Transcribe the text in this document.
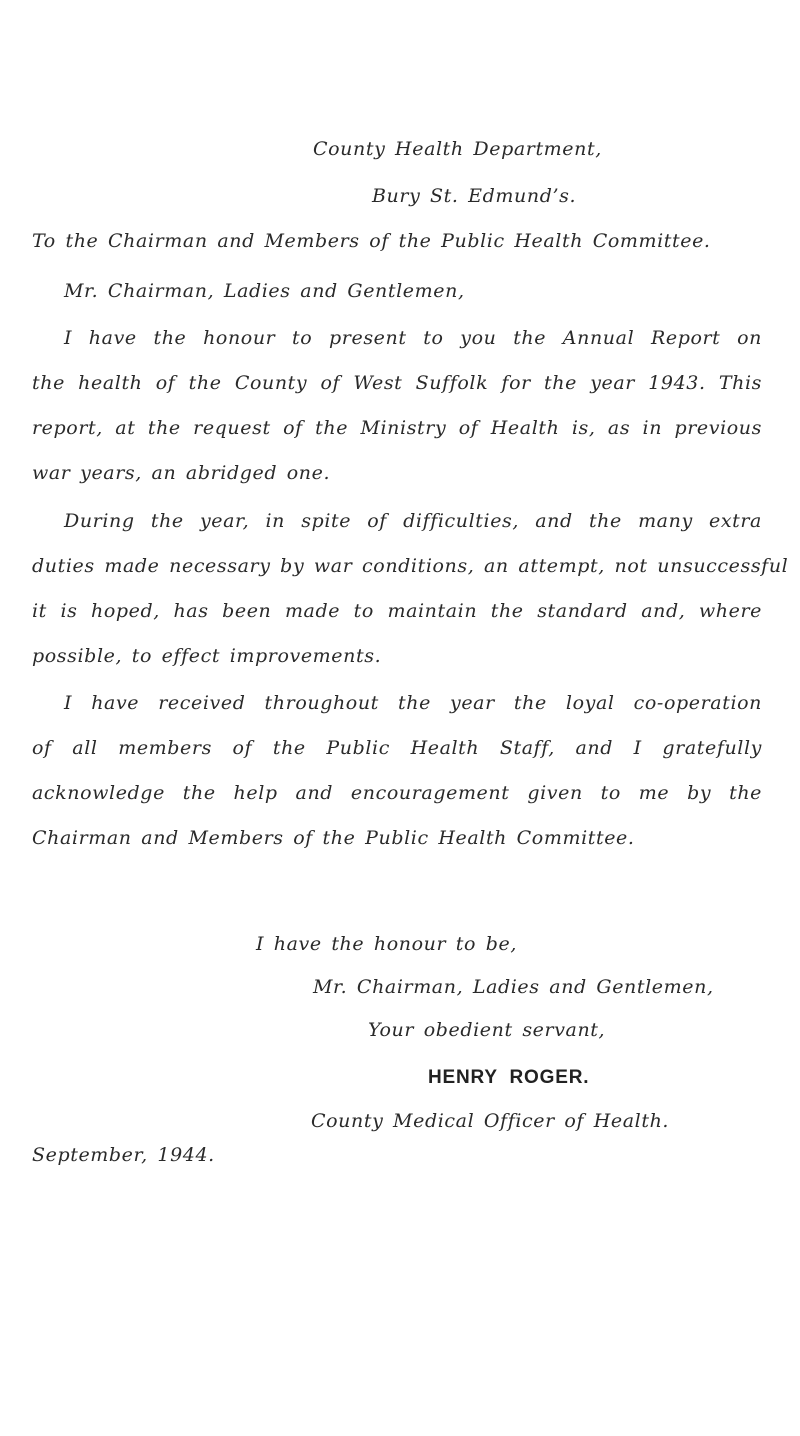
County Health Department,
Bury St. Edmund’s.
To the Chairman and Members of the Public Health Committee.
Mr. Chairman, Ladies and Gentlemen,
I have the honour to present to you the Annual Report on
the health of the County of West Suffolk for the year 1943. This
report, at the request of the Ministry of Health is, as in previous
war years, an abridged one.
During the year, in spite of difficulties, and the many extra
duties made necessary by war conditions, an attempt, not unsuccessful
it is hoped, has been made to maintain the standard and, where
possible, to effect improvements.
I have received throughout the year the loyal co-operation
of all members of the Public Health Staff, and I gratefully
acknowledge the help and encouragement given to me by the
Chairman and Members of the Public Health Committee.
I have the honour to be,
Mr. Chairman, Ladies and Gentlemen,
Your obedient servant,
HENRY ROGER.
County Medical Officer of Health.
September, 1944.
